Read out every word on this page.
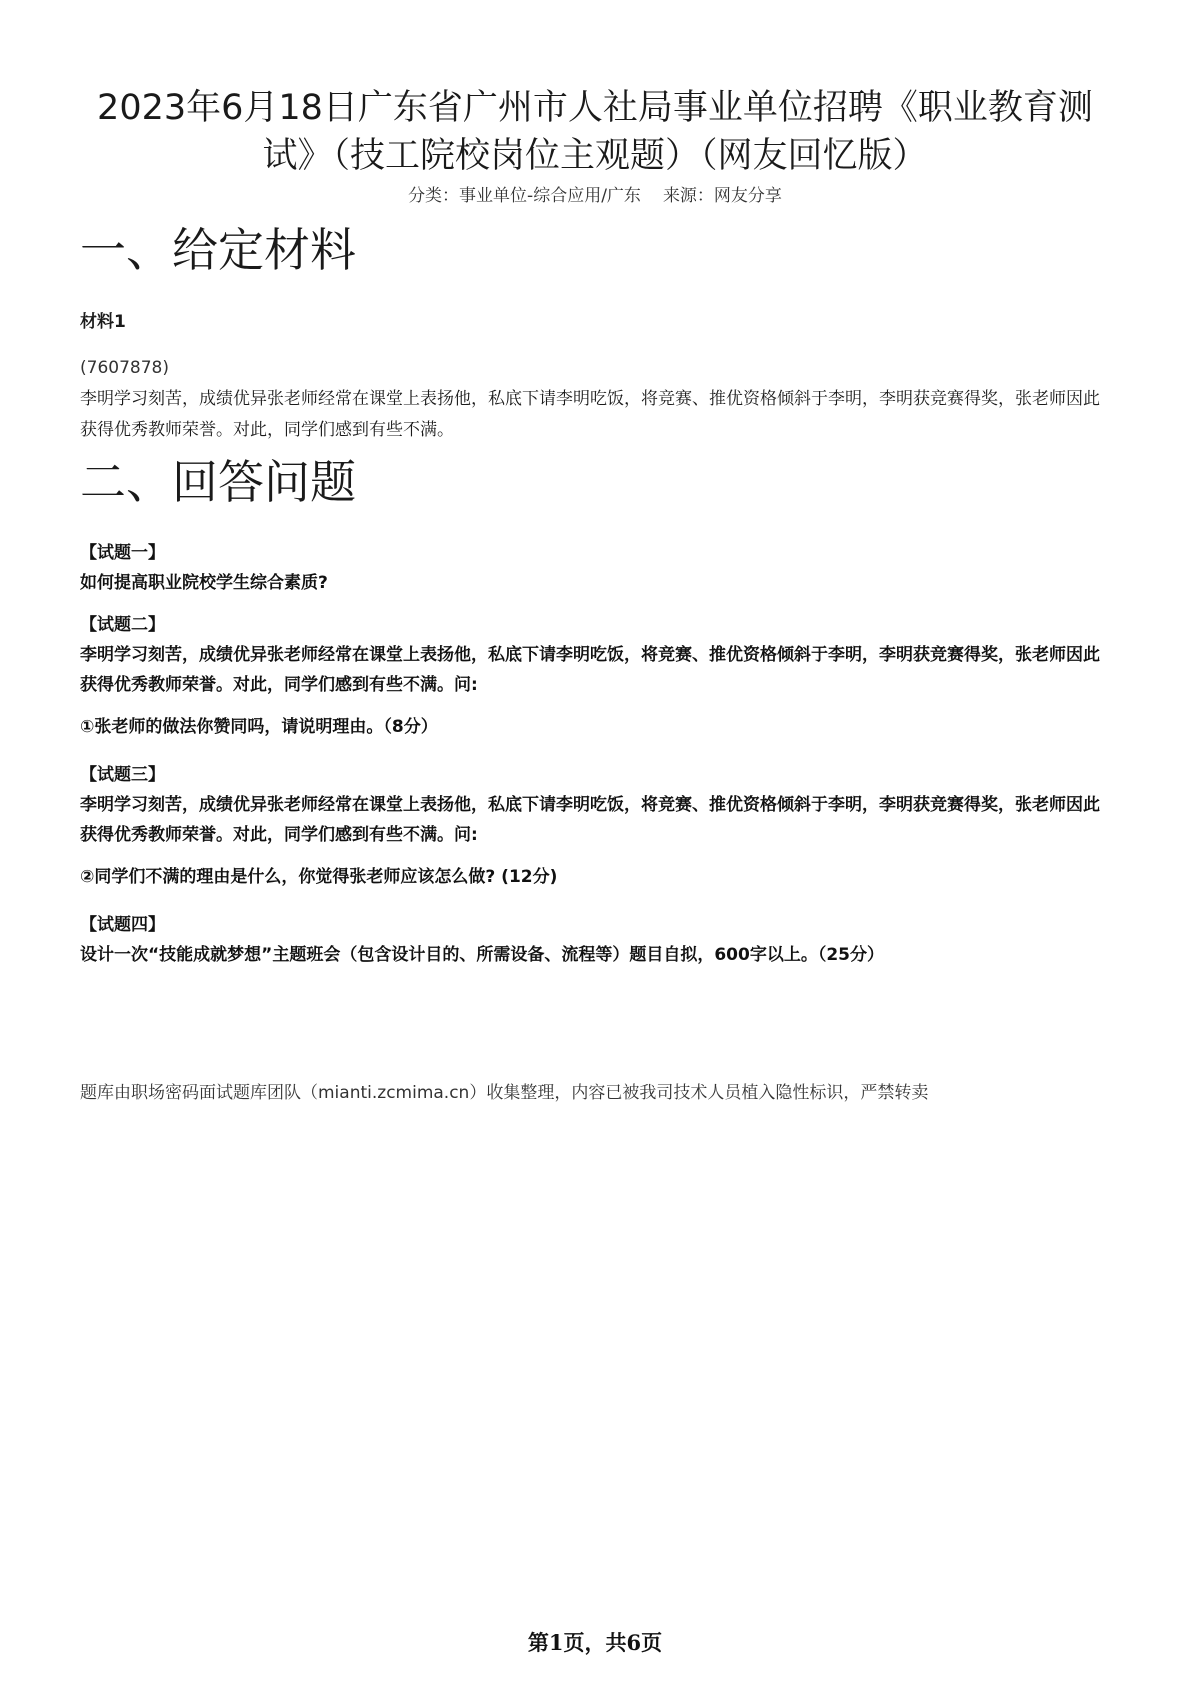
2023年6月18日广东省广州市人社局事业单位招聘《职业教育测试》（技工院校岗位主观题）（网友回忆版）
分类：事业单位-综合应用/广东 来源：网友分享
一、给定材料
材料1
(7607878)
李明学习刻苦，成绩优异张老师经常在课堂上表扬他，私底下请李明吃饭，将竞赛、推优资格倾斜于李明，李明获竞赛得奖，张老师因此获得优秀教师荣誉。对此，同学们感到有些不满。
二、回答问题
【试题一】
如何提高职业院校学生综合素质?
【试题二】
李明学习刻苦，成绩优异张老师经常在课堂上表扬他，私底下请李明吃饭，将竞赛、推优资格倾斜于李明，李明获竞赛得奖，张老师因此获得优秀教师荣誉。对此，同学们感到有些不满。问:
①张老师的做法你赞同吗，请说明理由。（8分）
【试题三】
李明学习刻苦，成绩优异张老师经常在课堂上表扬他，私底下请李明吃饭，将竞赛、推优资格倾斜于李明，李明获竞赛得奖，张老师因此获得优秀教师荣誉。对此，同学们感到有些不满。问:
②同学们不满的理由是什么，你觉得张老师应该怎么做? (12分)
【试题四】
设计一次“技能成就梦想”主题班会（包含设计目的、所需设备、流程等）题目自拟，600字以上。（25分）
题库由职场密码面试题库团队（mianti.zcmima.cn）收集整理，内容已被我司技术人员植入隐性标识，严禁转卖
第1页，共6页
